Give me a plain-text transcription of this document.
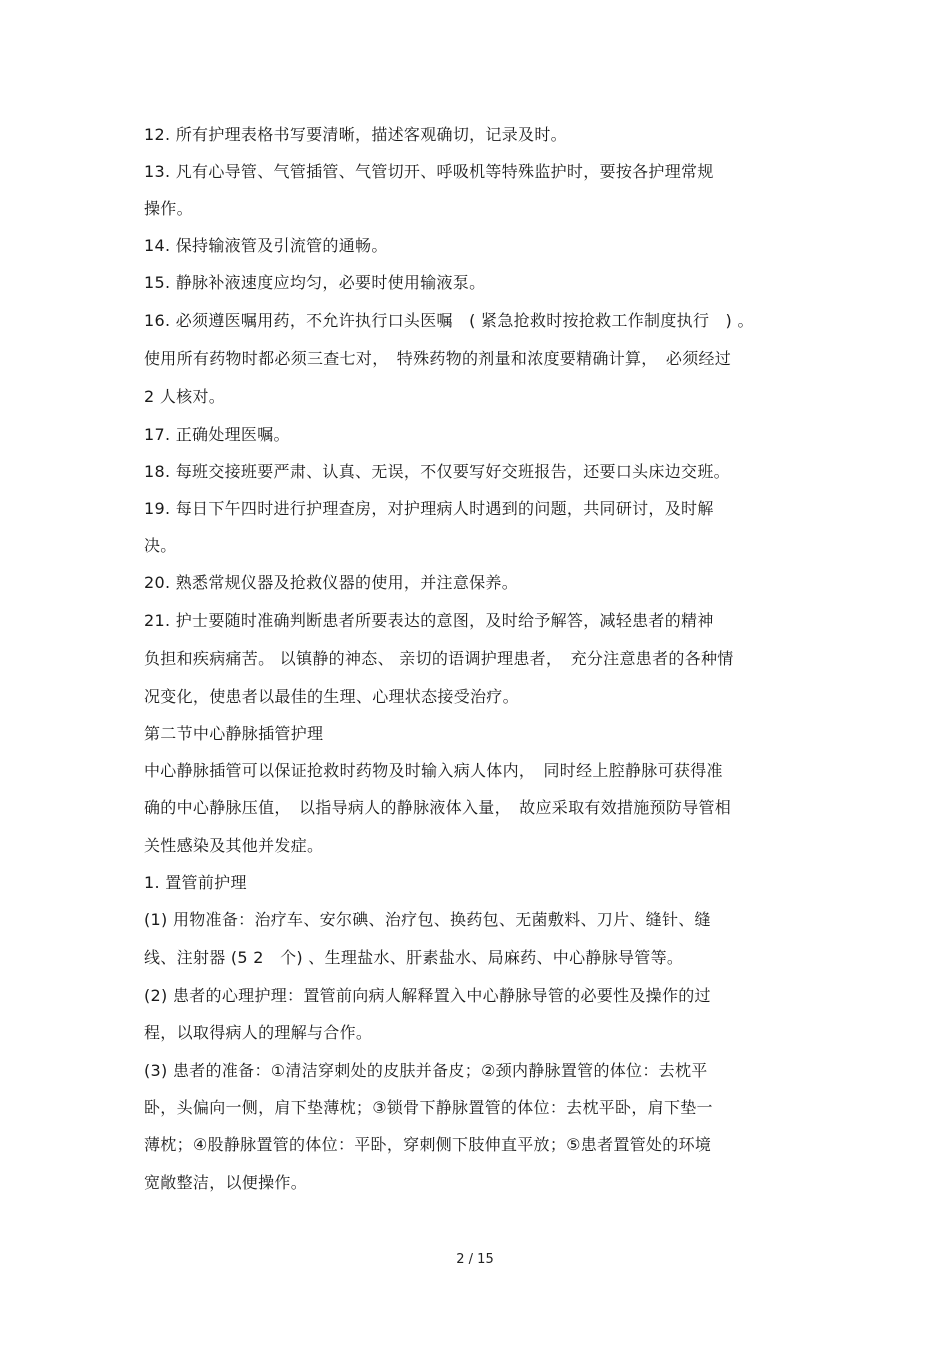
12. 所有护理表格书写要清晰，描述客观确切，记录及时。
13. 凡有心导管、气管插管、气管切开、呼吸机等特殊监护时，要按各护理常规
操作。
14. 保持输液管及引流管的通畅。
15. 静脉补液速度应均匀，必要时使用输液泵。
16. 必须遵医嘱用药，不允许执行口头医嘱　( 紧急抢救时按抢救工作制度执行　) 。
使用所有药物时都必须三查七对，　特殊药物的剂量和浓度要精确计算，　必须经过
2 人核对。
17. 正确处理医嘱。
18. 每班交接班要严肃、认真、无误，不仅要写好交班报告，还要口头床边交班。
19. 每日下午四时进行护理查房，对护理病人时遇到的问题，共同研讨，及时解
决。
20. 熟悉常规仪器及抢救仪器的使用，并注意保养。
21. 护士要随时准确判断患者所要表达的意图，及时给予解答，减轻患者的精神
负担和疾病痛苦。 以镇静的神态、 亲切的语调护理患者，　充分注意患者的各种情
况变化，使患者以最佳的生理、心理状态接受治疗。
第二节中心静脉插管护理
中心静脉插管可以保证抢救时药物及时输入病人体内，　同时经上腔静脉可获得准
确的中心静脉压值，　以指导病人的静脉液体入量，　故应采取有效措施预防导管相
关性感染及其他并发症。
1. 置管前护理
(1) 用物准备：治疗车、安尔碘、治疗包、换药包、无菌敷料、刀片、缝针、缝
线、注射器 (5 2　个) 、生理盐水、肝素盐水、局麻药、中心静脉导管等。
(2) 患者的心理护理：置管前向病人解释置入中心静脉导管的必要性及操作的过
程，以取得病人的理解与合作。
(3) 患者的准备：①清洁穿刺处的皮肤并备皮；②颈内静脉置管的体位：去枕平
卧，头偏向一侧，肩下垫薄枕；③锁骨下静脉置管的体位：去枕平卧，肩下垫一
薄枕；④股静脉置管的体位：平卧，穿刺侧下肢伸直平放；⑤患者置管处的环境
宽敞整洁，以便操作。
2 / 15
